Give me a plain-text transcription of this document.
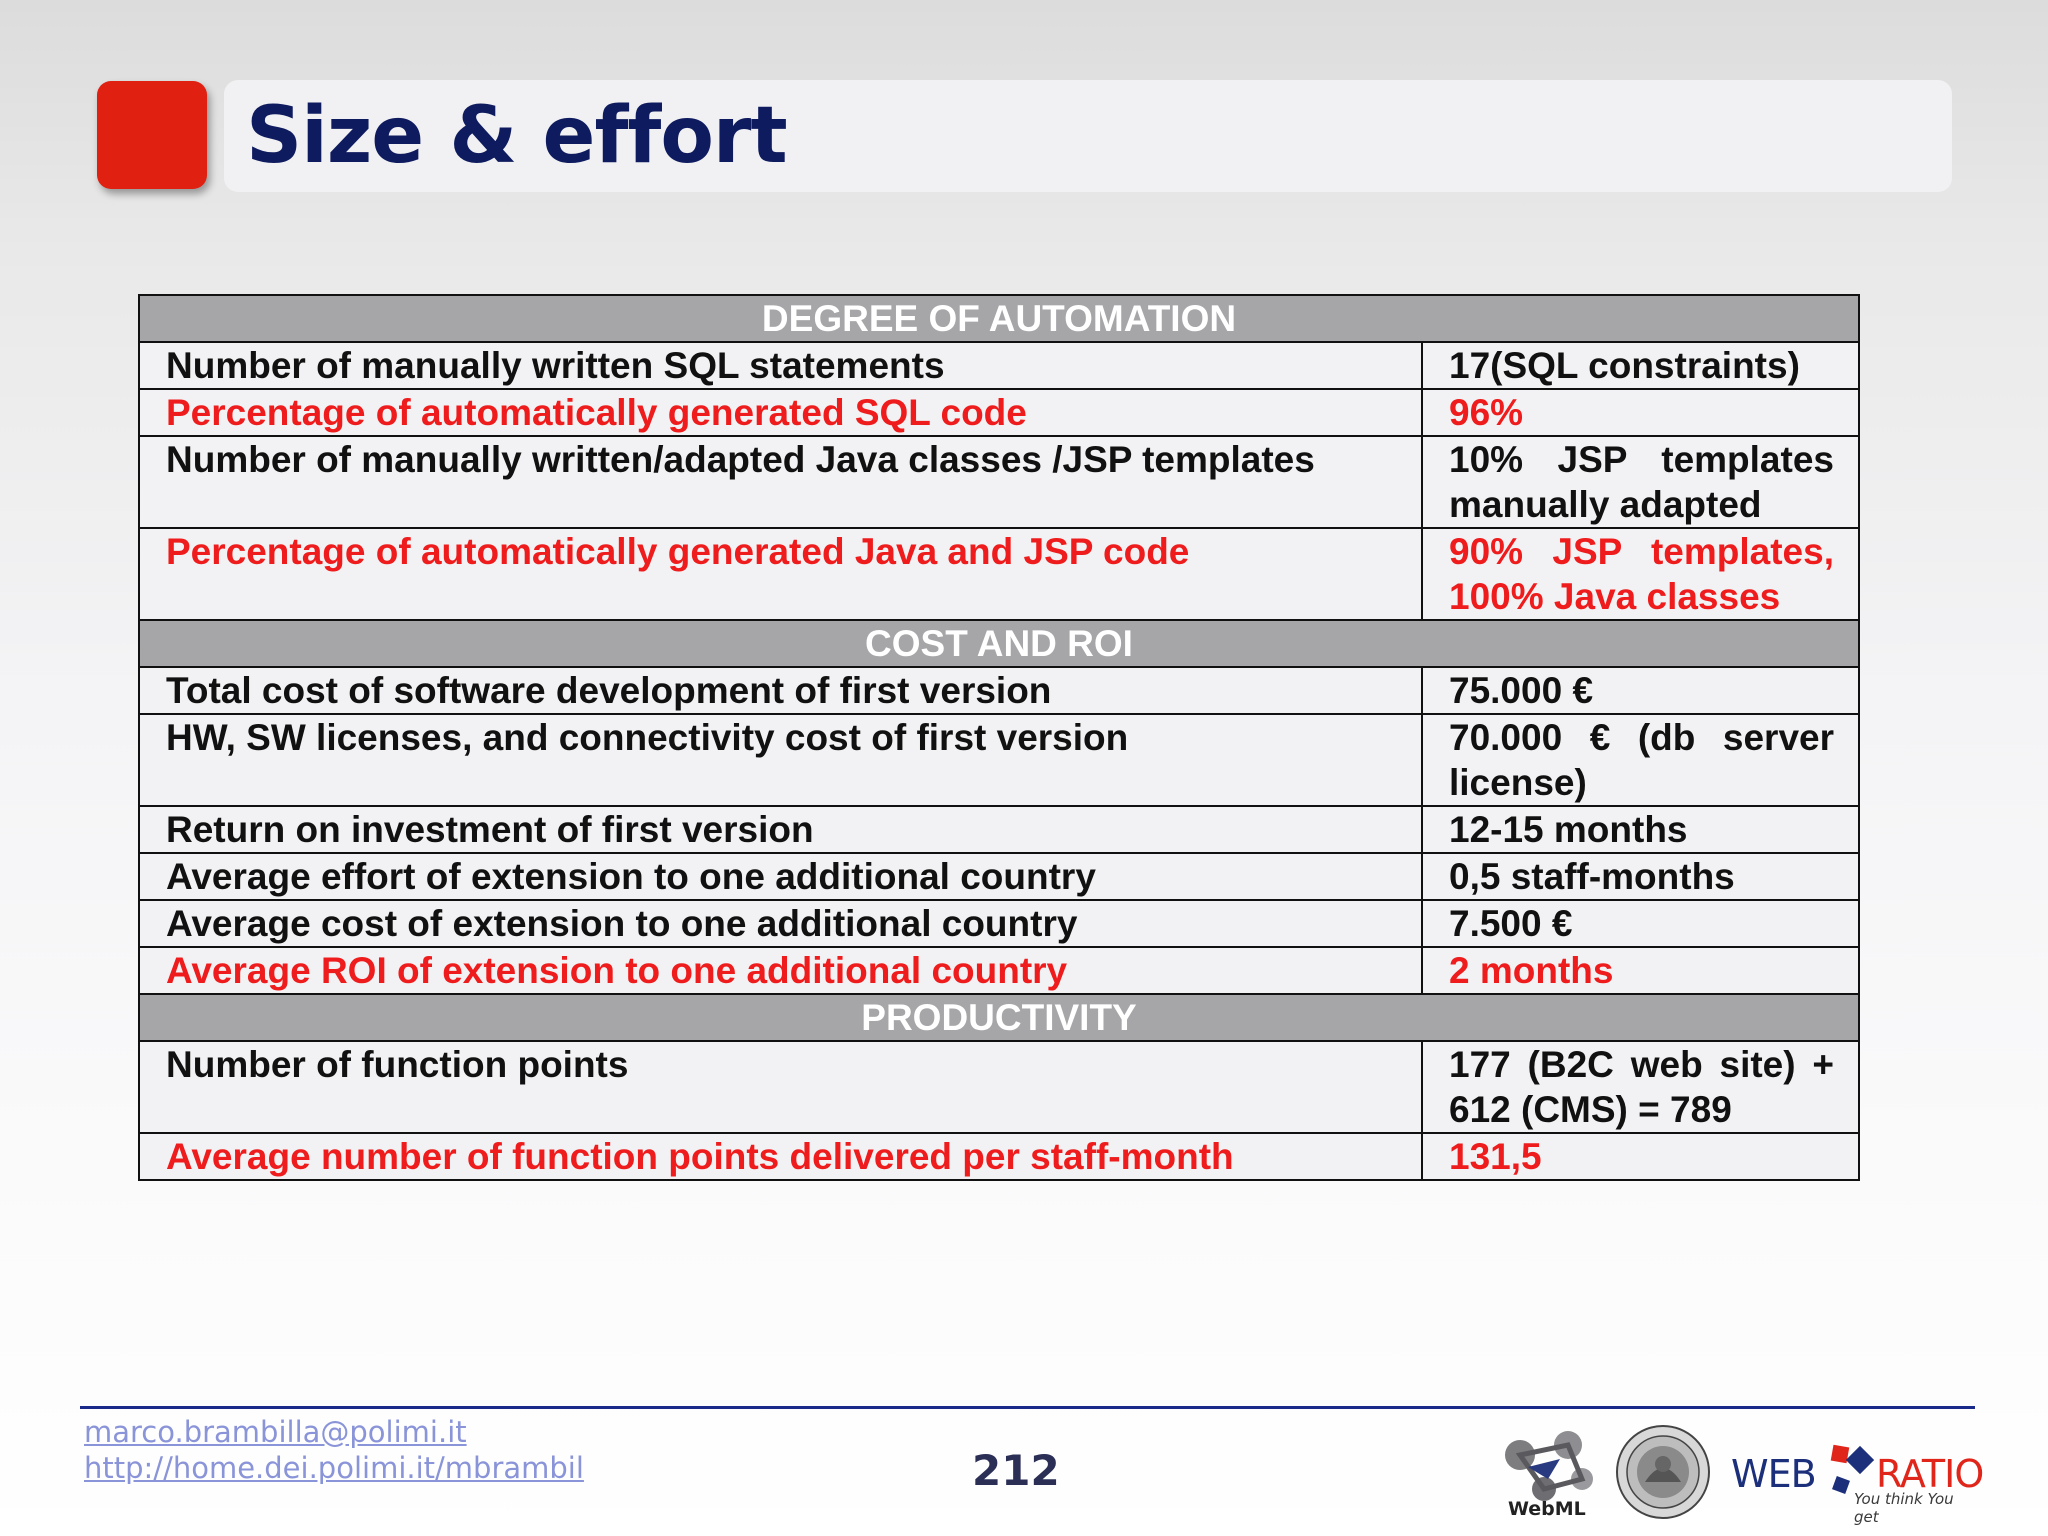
Size & effort
DEGREE OF AUTOMATION	
Number of manually written SQL statements	17(SQL constraints)
Percentage of automatically generated SQL code	96%
Number of manually written/adapted Java classes /JSP templates	10% JSP templates manually adapted
Percentage of automatically generated Java and JSP code	90% JSP templates, 100% Java classes
COST AND ROI	
Total cost of software development of first version	75.000 €
HW, SW licenses, and connectivity cost of first version	70.000 € (db server license)
Return on investment of first version	12-15 months
Average effort of extension to one additional country	0,5 staff-months
Average cost of extension to one additional country	7.500 €
Average ROI of extension to one additional country	2 months
PRODUCTIVITY	
Number of function points	177 (B2C web site) + 612 (CMS) = 789
Average number of function points delivered per staff-month	131,5
marco.brambilla@polimi.it
http://home.dei.polimi.it/mbrambil	212
WebML
WEB RATIO
You think You get
